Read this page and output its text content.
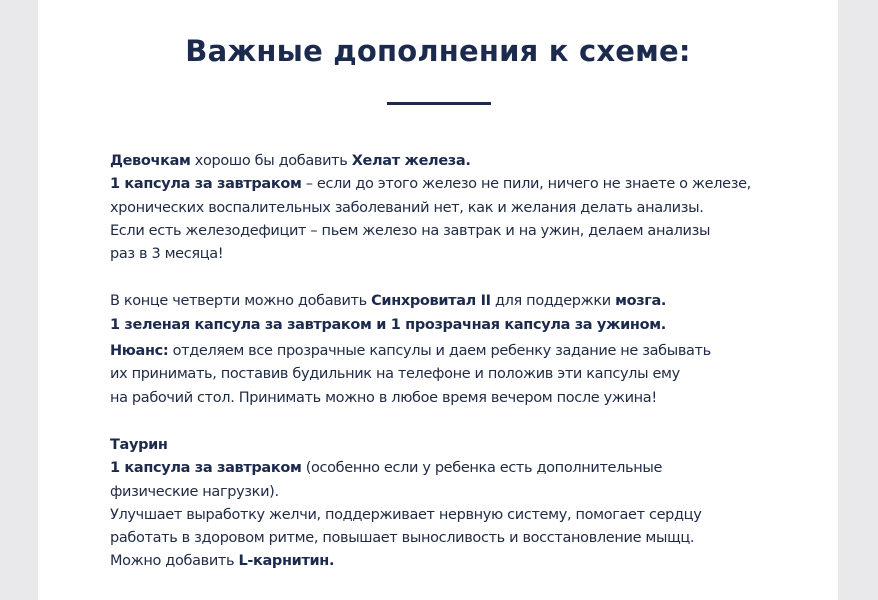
Важные дополнения к схеме:
Девочкам хорошо бы добавить Хелат железа.
1 капсула за завтраком – если до этого железо не пили, ничего не знаете о железе,
хронических воспалительных заболеваний нет, как и желания делать анализы.
Если есть железодефицит – пьем железо на завтрак и на ужин, делаем анализы
раз в 3 месяца!
В конце четверти можно добавить Синхровитал II для поддержки мозга.
1 зеленая капсула за завтраком и 1 прозрачная капсула за ужином.
Нюанс: отделяем все прозрачные капсулы и даем ребенку задание не забывать
их принимать, поставив будильник на телефоне и положив эти капсулы ему
на рабочий стол. Принимать можно в любое время вечером после ужина!
Таурин
1 капсула за завтраком (особенно если у ребенка есть дополнительные
физические нагрузки).
Улучшает выработку желчи, поддерживает нервную систему, помогает сердцу
работать в здоровом ритме, повышает выносливость и восстановление мыщц.
Можно добавить L-карнитин.
